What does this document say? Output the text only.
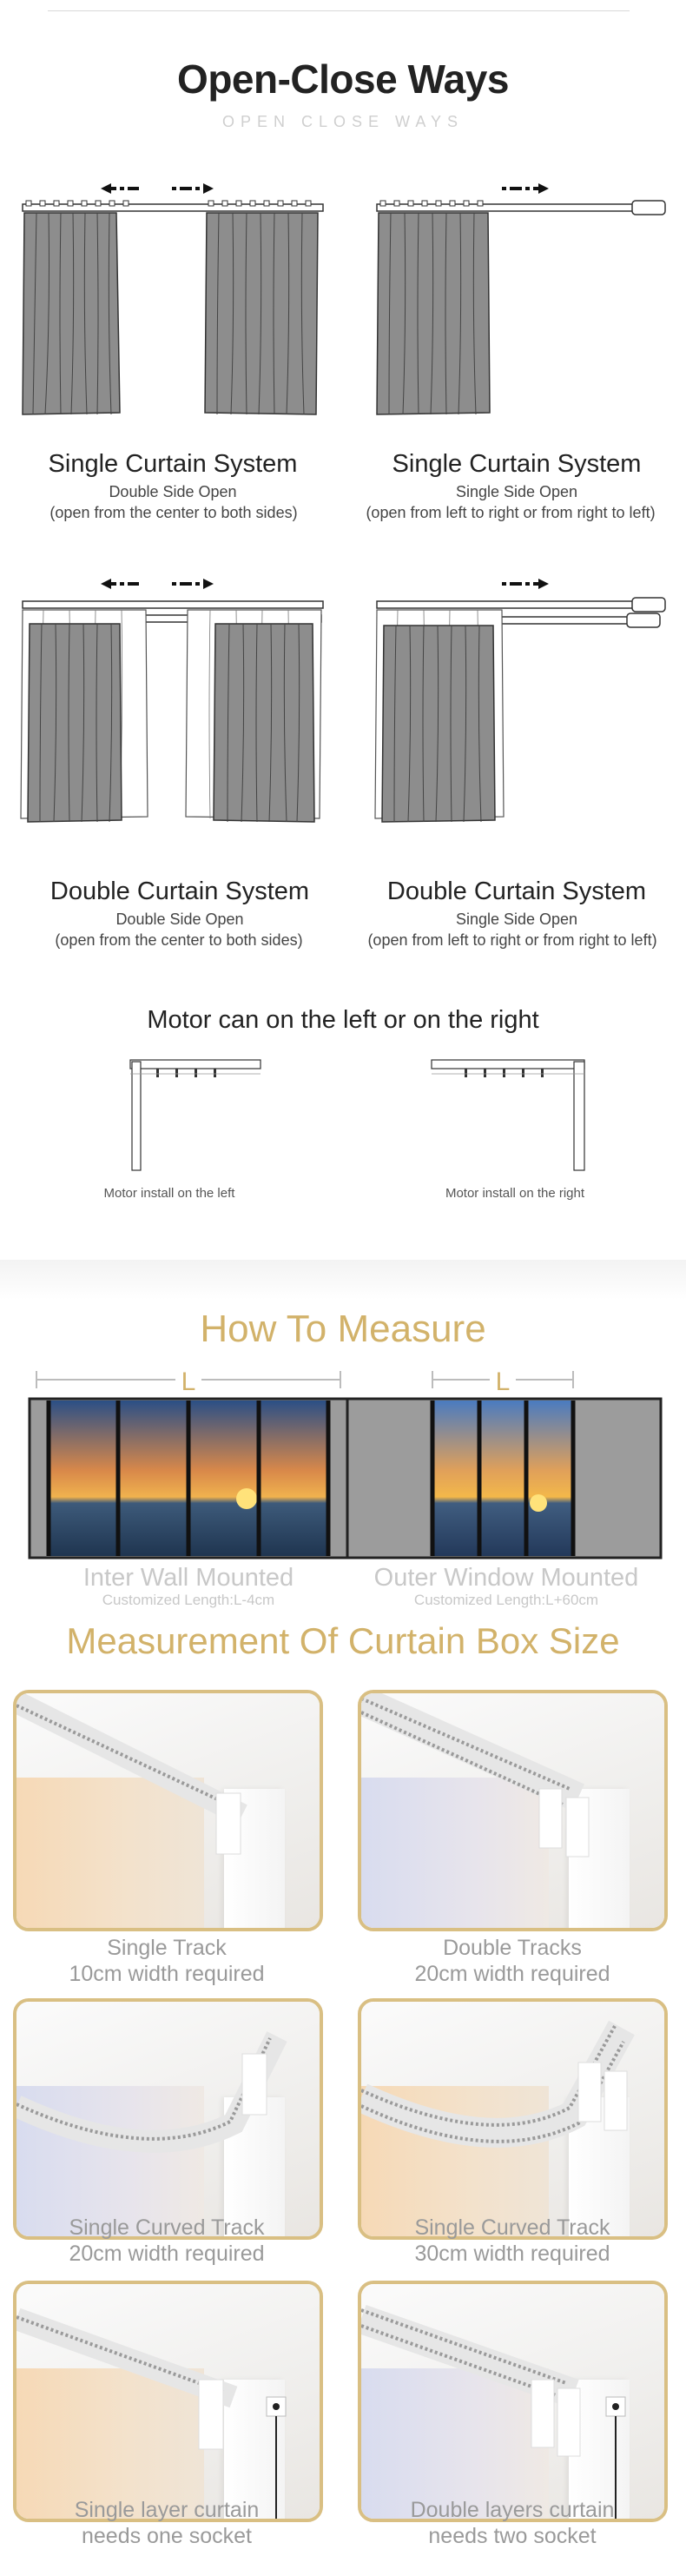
Open-Close Ways
OPEN CLOSE WAYS
Single Curtain System
Double Side Open
(open from the center to both sides)
Single Curtain System
Single Side Open
(open from left to right or from right to left)
Double Curtain System
Double Side Open
(open from the center to both sides)
Double Curtain System
Single Side Open
(open from left to right or from right to left)
Motor can on the left or on the right
Motor install on the left	Motor install on the right
How To Measure
L
Inter Wall Mounted
Customized Length:L-4cm
L
Outer Window Mounted
Customized Length:L+60cm
Measurement Of Curtain Box Size
Single Track
10cm width required
Double Tracks
20cm width required
Single Curved Track
20cm width required
Single Curved Track
30cm width required
Single layer curtain
needs one socket
Double layers curtain
needs two socket
